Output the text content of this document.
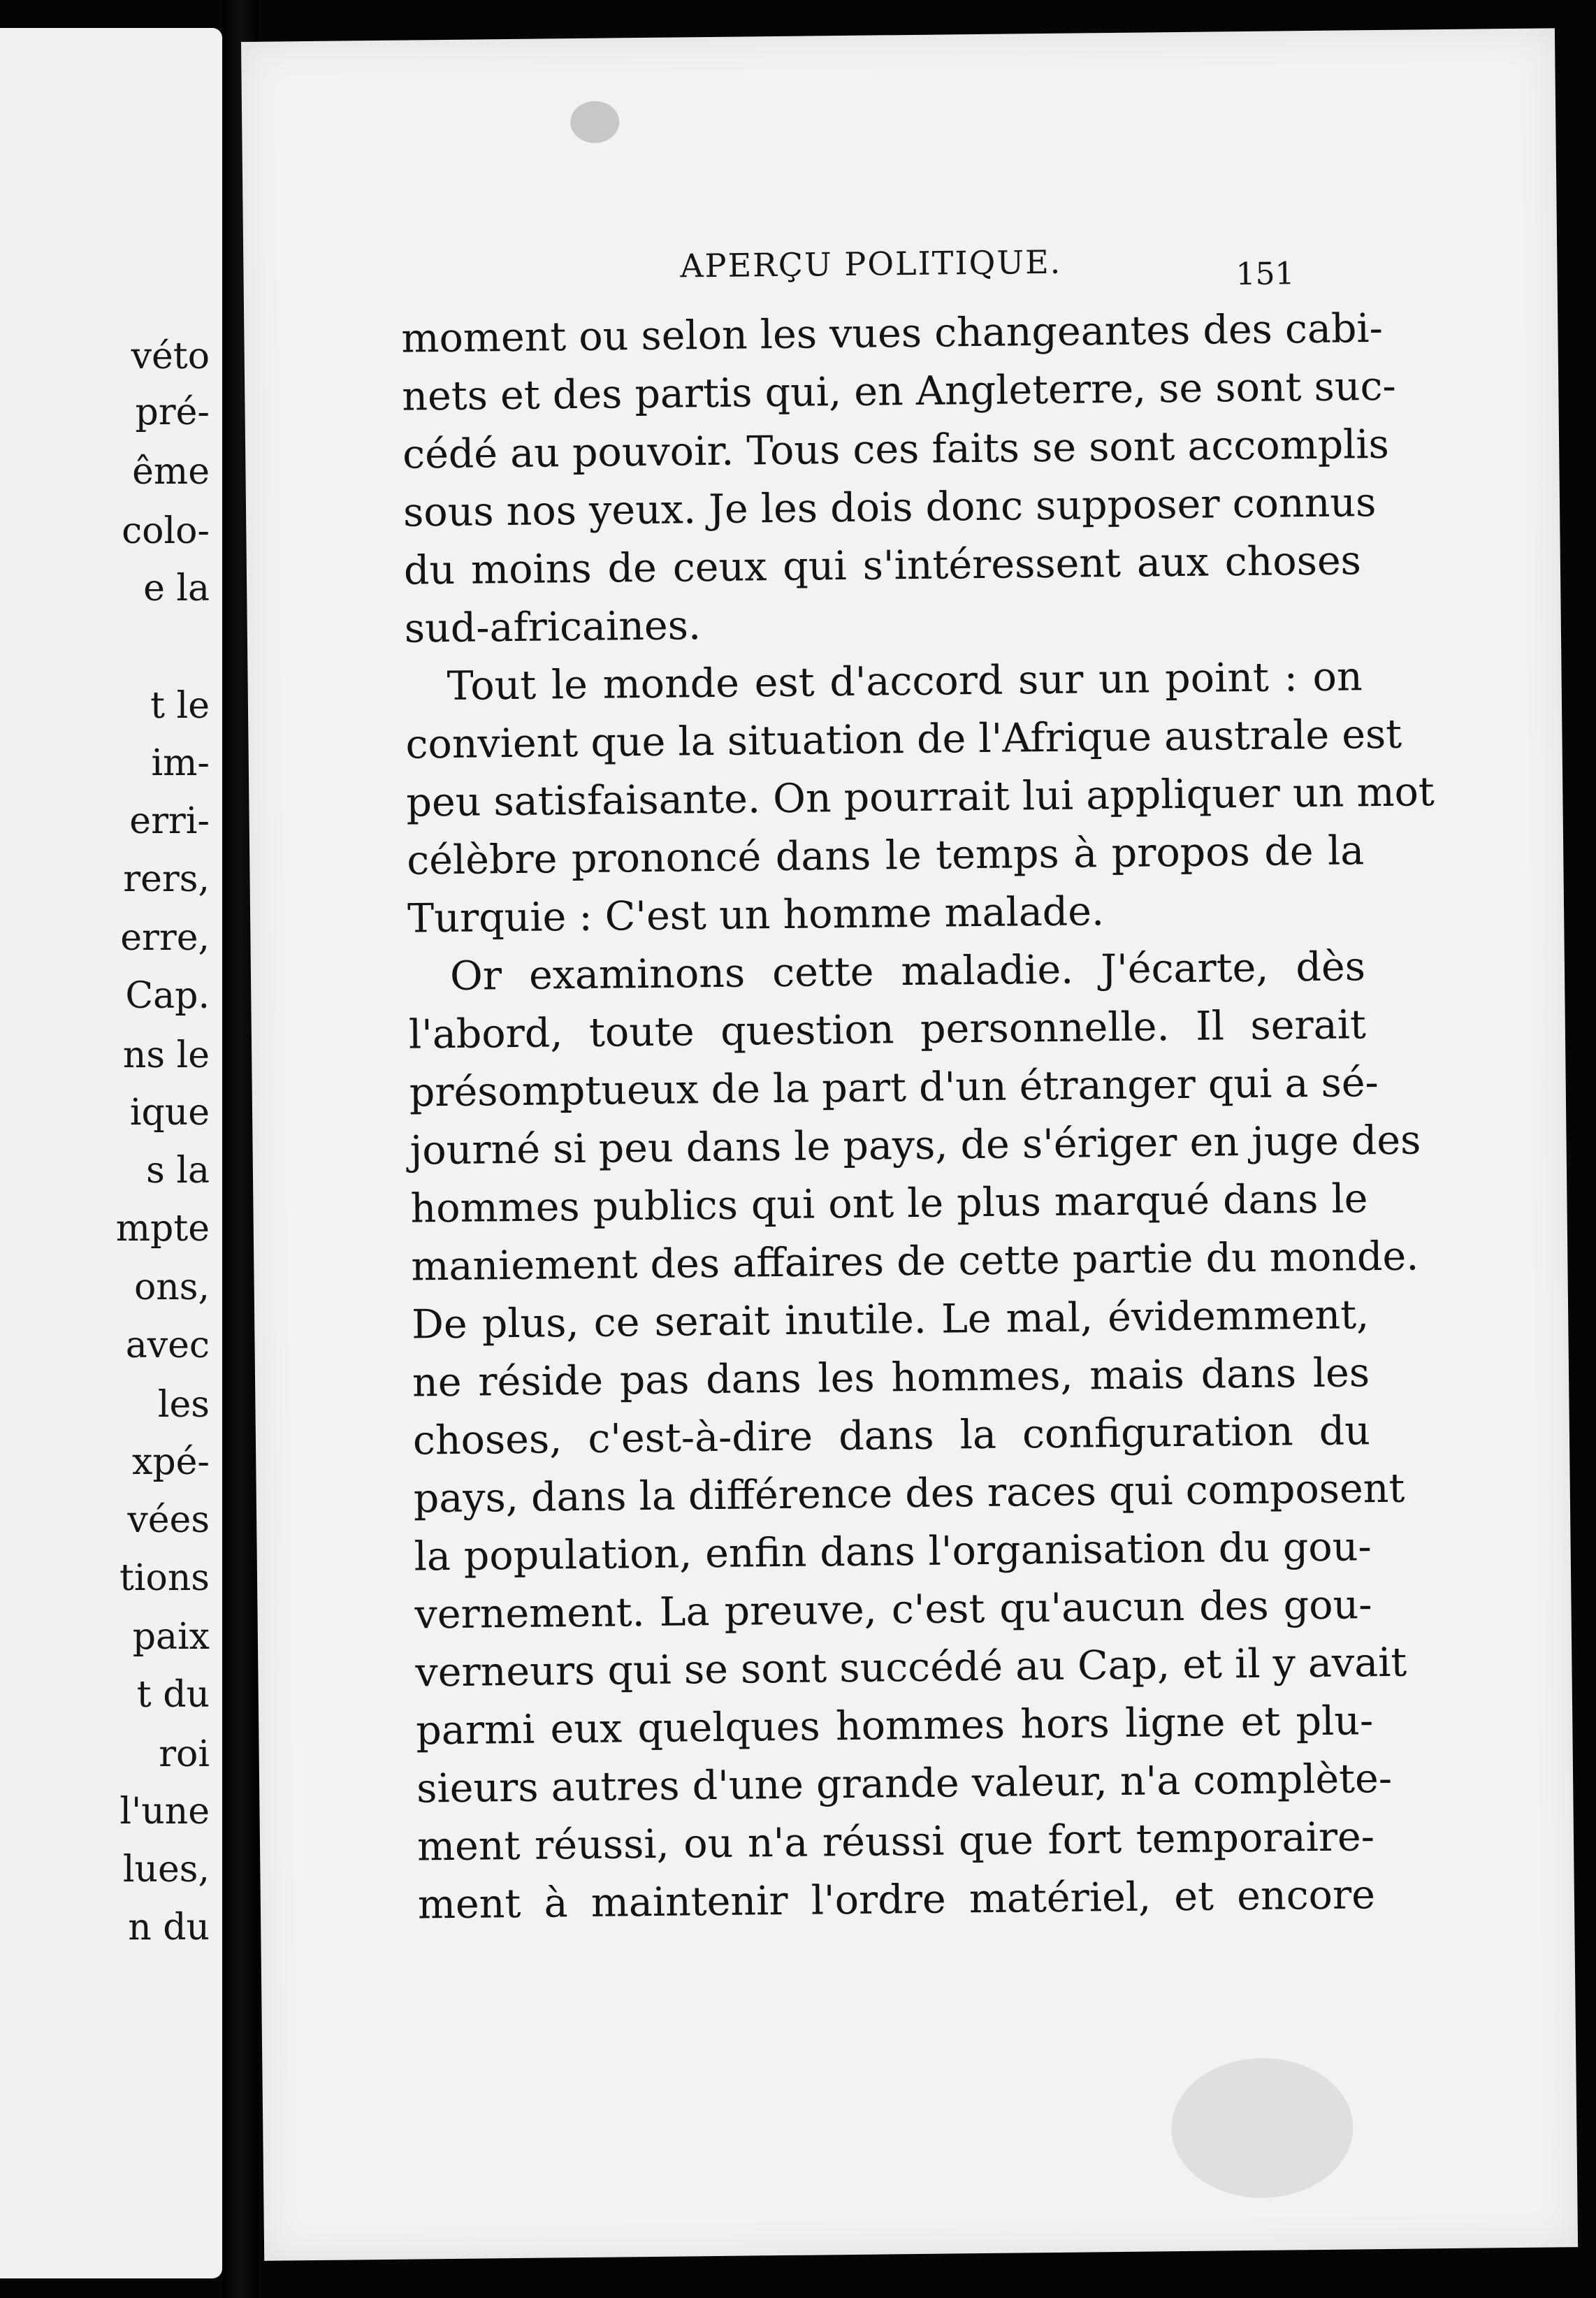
véto

pré-

ême

colo-

e la

t le

im-

erri-

rers,

erre,

Cap.

ns le

ique

s la

mpte

ons,

avec

les

xpé-

vées

tions

paix

t du

roi

l'une

lues,

n du

APERÇU POLITIQUE.	151

moment ou selon les vues changeantes des cabi-

nets et des partis qui, en Angleterre, se sont suc-

cédé au pouvoir. Tous ces faits se sont accomplis

sous nos yeux. Je les dois donc supposer connus

du moins de ceux qui s'intéressent aux choses

sud-africaines.

Tout le monde est d'accord sur un point : on

convient que la situation de l'Afrique australe est

peu satisfaisante. On pourrait lui appliquer un mot

célèbre prononcé dans le temps à propos de la

Turquie : C'est un homme malade.

Or examinons cette maladie. J'écarte, dès

l'abord, toute question personnelle. Il serait

présomptueux de la part d'un étranger qui a sé-

journé si peu dans le pays, de s'ériger en juge des

hommes publics qui ont le plus marqué dans le

maniement des affaires de cette partie du monde.

De plus, ce serait inutile. Le mal, évidemment,

ne réside pas dans les hommes, mais dans les

choses, c'est-à-dire dans la configuration du

pays, dans la différence des races qui composent

la population, enfin dans l'organisation du gou-

vernement. La preuve, c'est qu'aucun des gou-

verneurs qui se sont succédé au Cap, et il y avait

parmi eux quelques hommes hors ligne et plu-

sieurs autres d'une grande valeur, n'a complète-

ment réussi, ou n'a réussi que fort temporaire-

ment à maintenir l'ordre matériel, et encore
